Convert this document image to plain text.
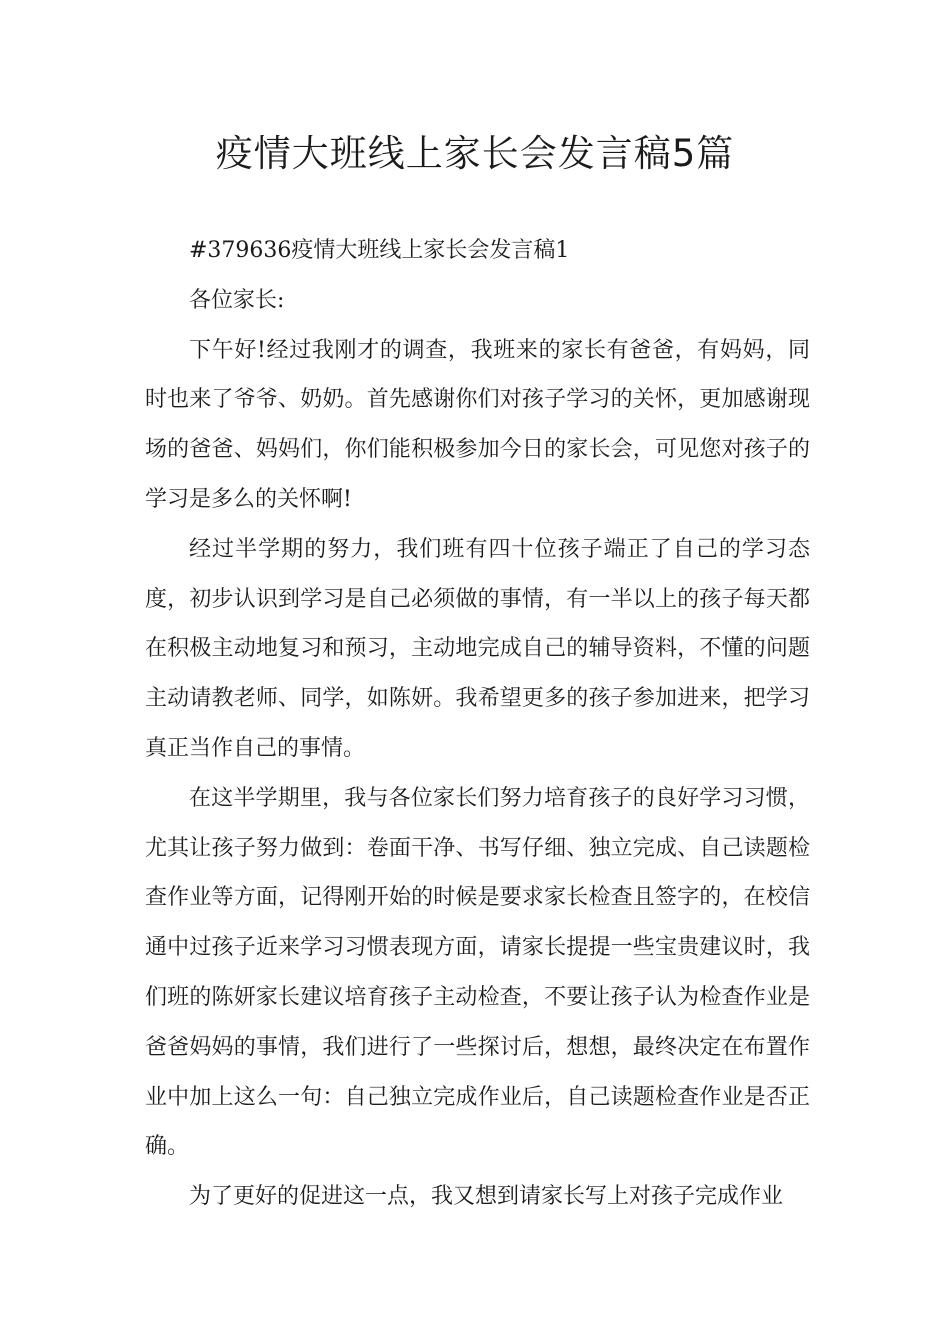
疫情大班线上家长会发言稿5篇

#379636疫情大班线上家长会发言稿1

各位家长:

下午好!经过我刚才的调查，我班来的家长有爸爸，有妈妈，同时也来了爷爷、奶奶。首先感谢你们对孩子学习的关怀，更加感谢现场的爸爸、妈妈们，你们能积极参加今日的家长会，可见您对孩子的学习是多么的关怀啊!

经过半学期的努力，我们班有四十位孩子端正了自己的学习态度，初步认识到学习是自己必须做的事情，有一半以上的孩子每天都在积极主动地复习和预习，主动地完成自己的辅导资料，不懂的问题主动请教老师、同学，如陈妍。我希望更多的孩子参加进来，把学习真正当作自己的事情。

在这半学期里，我与各位家长们努力培育孩子的良好学习习惯，尤其让孩子努力做到：卷面干净、书写仔细、独立完成、自己读题检查作业等方面，记得刚开始的时候是要求家长检查且签字的，在校信通中过孩子近来学习习惯表现方面，请家长提提一些宝贵建议时，我们班的陈妍家长建议培育孩子主动检查，不要让孩子认为检查作业是爸爸妈妈的事情，我们进行了一些探讨后，想想，最终决定在布置作业中加上这么一句：自己独立完成作业后，自己读题检查作业是否正确。

为了更好的促进这一点，我又想到请家长写上对孩子完成作业
